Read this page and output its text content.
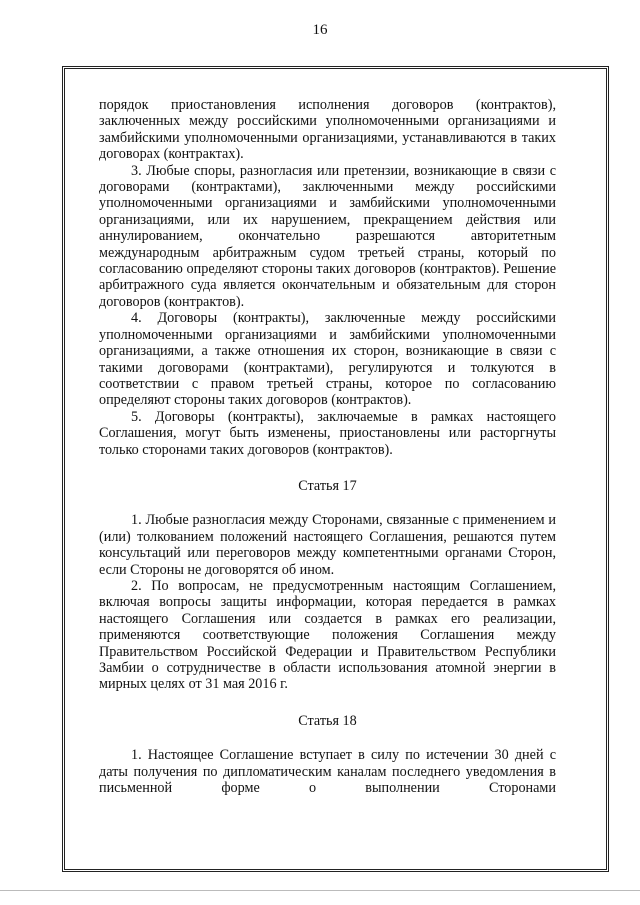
16

порядок приостановления исполнения договоров (контрактов), заключенных между российскими уполномоченными организациями и замбийскими уполномоченными организациями, устанавливаются в таких договорах (контрактах).

3. Любые споры, разногласия или претензии, возникающие в связи с договорами (контрактами), заключенными между российскими уполномоченными организациями и замбийскими уполномоченными организациями, или их нарушением, прекращением действия или аннулированием, окончательно разрешаются авторитетным международным арбитражным судом третьей страны, который по согласованию определяют стороны таких договоров (контрактов). Решение арбитражного суда является окончательным и обязательным для сторон договоров (контрактов).

4. Договоры (контракты), заключенные между российскими уполномоченными организациями и замбийскими уполномоченными организациями, а также отношения их сторон, возникающие в связи с такими договорами (контрактами), регулируются и толкуются в соответствии с правом третьей страны, которое по согласованию определяют стороны таких договоров (контрактов).

5. Договоры (контракты), заключаемые в рамках настоящего Соглашения, могут быть изменены, приостановлены или расторгнуты только сторонами таких договоров (контрактов).

Статья 17

1. Любые разногласия между Сторонами, связанные с применением и (или) толкованием положений настоящего Соглашения, решаются путем консультаций или переговоров между компетентными органами Сторон, если Стороны не договорятся об ином.

2. По вопросам, не предусмотренным настоящим Соглашением, включая вопросы защиты информации, которая передается в рамках настоящего Соглашения или создается в рамках его реализации, применяются соответствующие положения Соглашения между Правительством Российской Федерации и Правительством Республики Замбии о сотрудничестве в области использования атомной энергии в мирных целях от 31 мая 2016 г.

Статья 18

1. Настоящее Соглашение вступает в силу по истечении 30 дней с даты получения по дипломатическим каналам последнего уведомления в письменной форме о выполнении Сторонами
